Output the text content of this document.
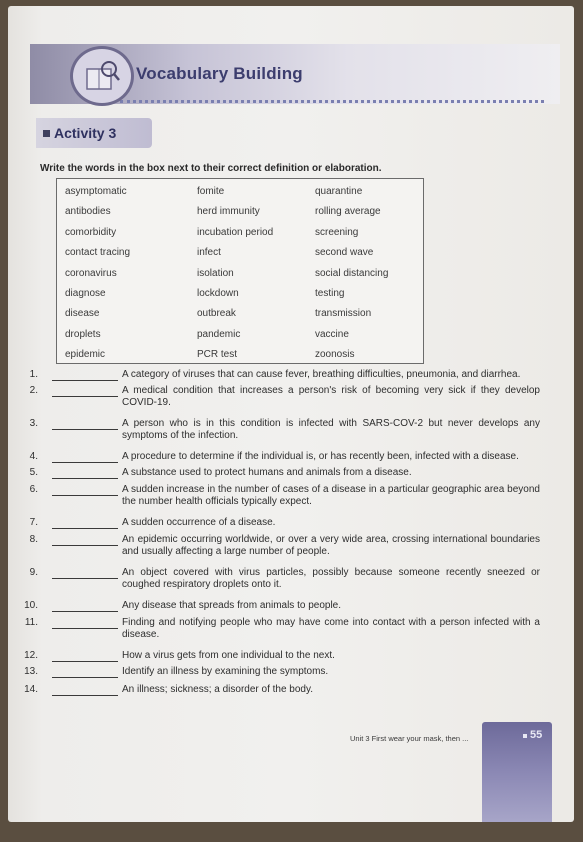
Vocabulary Building
Activity 3
Write the words in the box next to their correct definition or elaboration.
asymptomatic
antibodies
comorbidity
contact tracing
coronavirus
diagnose
disease
droplets
epidemic
fomite
herd immunity
incubation period
infect
isolation
lockdown
outbreak
pandemic
PCR test
quarantine
rolling average
screening
second wave
social distancing
testing
transmission
vaccine
zoonosis
1.	A category of viruses that can cause fever, breathing difficulties, pneumonia, and diarrhea.
2.	A medical condition that increases a person's risk of becoming very sick if they develop COVID-19.
3.	A person who is in this condition is infected with SARS-COV-2 but never develops any symptoms of the infection.
4.	A procedure to determine if the individual is, or has recently been, infected with a disease.
5.	A substance used to protect humans and animals from a disease.
6.	A sudden increase in the number of cases of a disease in a particular geographic area beyond the number health officials typically expect.
7.	A sudden occurrence of a disease.
8.	An epidemic occurring worldwide, or over a very wide area, crossing international boundaries and usually affecting a large number of people.
9.	An object covered with virus particles, possibly because someone recently sneezed or coughed respiratory droplets onto it.
10.	Any disease that spreads from animals to people.
11.	Finding and notifying people who may have come into contact with a person infected with a disease.
12.	How a virus gets from one individual to the next.
13.	Identify an illness by examining the symptoms.
14.	An illness; sickness; a disorder of the body.
Unit 3 First wear your mask, then ...	55
